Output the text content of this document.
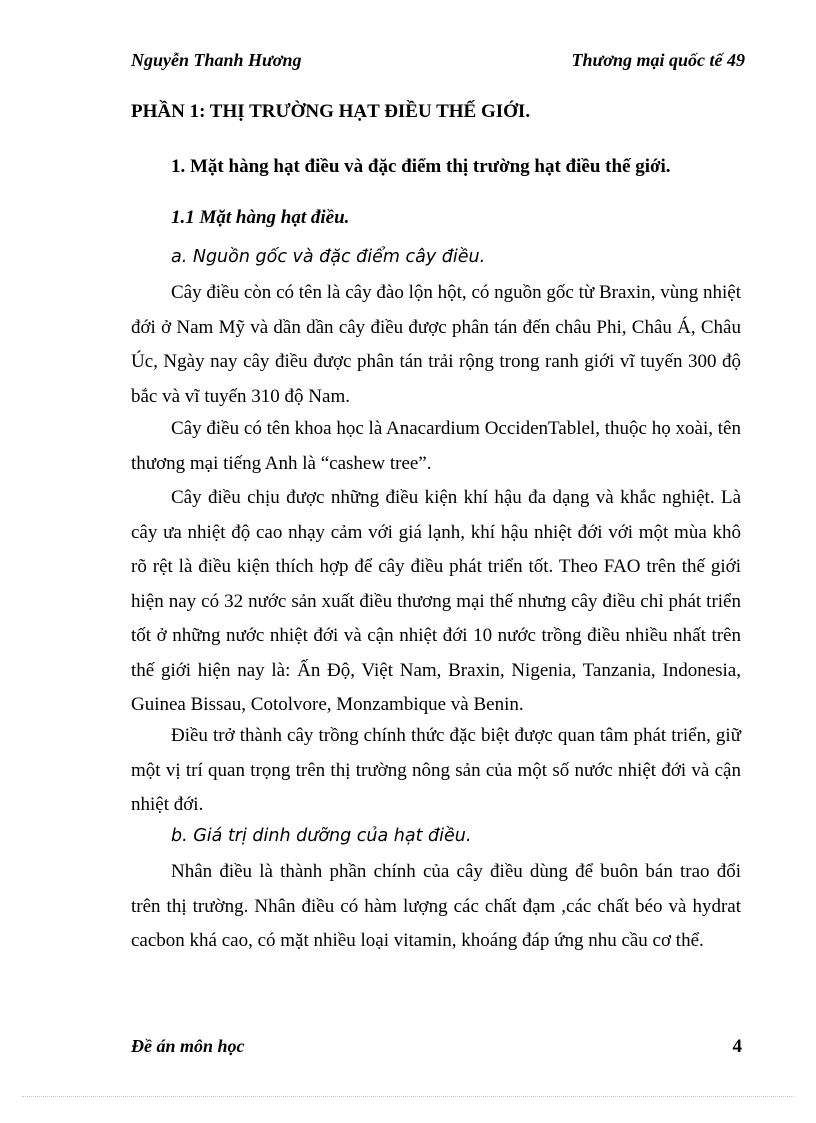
Nguyễn Thanh Hương	Thương mại quốc tế 49
PHẦN 1: THỊ TRƯỜNG HẠT ĐIỀU THẾ GIỚI.
1. Mặt hàng hạt điều và đặc điểm thị trường hạt điều thế giới.
1.1 Mặt hàng hạt điều.
a. Nguồn gốc và đặc điểm cây điều.

Cây điều còn có tên là cây đào lộn hột, có nguồn gốc từ Braxin, vùng nhiệt đới ở Nam Mỹ và dần dần cây điều được phân tán đến châu Phi, Châu Á, Châu Úc, Ngày nay cây điều được phân tán trải rộng trong ranh giới vĩ tuyến 300 độ bắc và vĩ tuyến 310 độ Nam.

Cây điều có tên khoa học là Anacardium OccidenTablel, thuộc họ xoài, tên thương mại tiếng Anh là “cashew tree”.

Cây điều chịu được những điều kiện khí hậu đa dạng và khắc nghiệt. Là cây ưa nhiệt độ cao nhạy cảm với giá lạnh, khí hậu nhiệt đới với một mùa khô rõ rệt là điều kiện thích hợp để cây điều phát triển tốt. Theo FAO trên thế giới hiện nay có 32 nước sản xuất điều thương mại thế nhưng cây điều chỉ phát triển tốt ở những nước nhiệt đới và cận nhiệt đới 10 nước trồng điều nhiều nhất trên thế giới hiện nay là: Ấn Độ, Việt Nam, Braxin, Nigenia, Tanzania, Indonesia, Guinea Bissau, Cotolvore, Monzambique và Benin.

Điều trở thành cây trồng chính thức đặc biệt được quan tâm phát triển, giữ một vị trí quan trọng trên thị trường nông sản của một số nước nhiệt đới và cận nhiệt đới.

b. Giá trị dinh dưỡng của hạt điều.

Nhân điều là thành phần chính của cây điều dùng để buôn bán trao đổi trên thị trường. Nhân điều có hàm lượng các chất đạm ,các chất béo và hydrat cacbon khá cao, có mặt nhiều loại vitamin, khoáng đáp ứng nhu cầu cơ thể.

Đề án môn học	4
